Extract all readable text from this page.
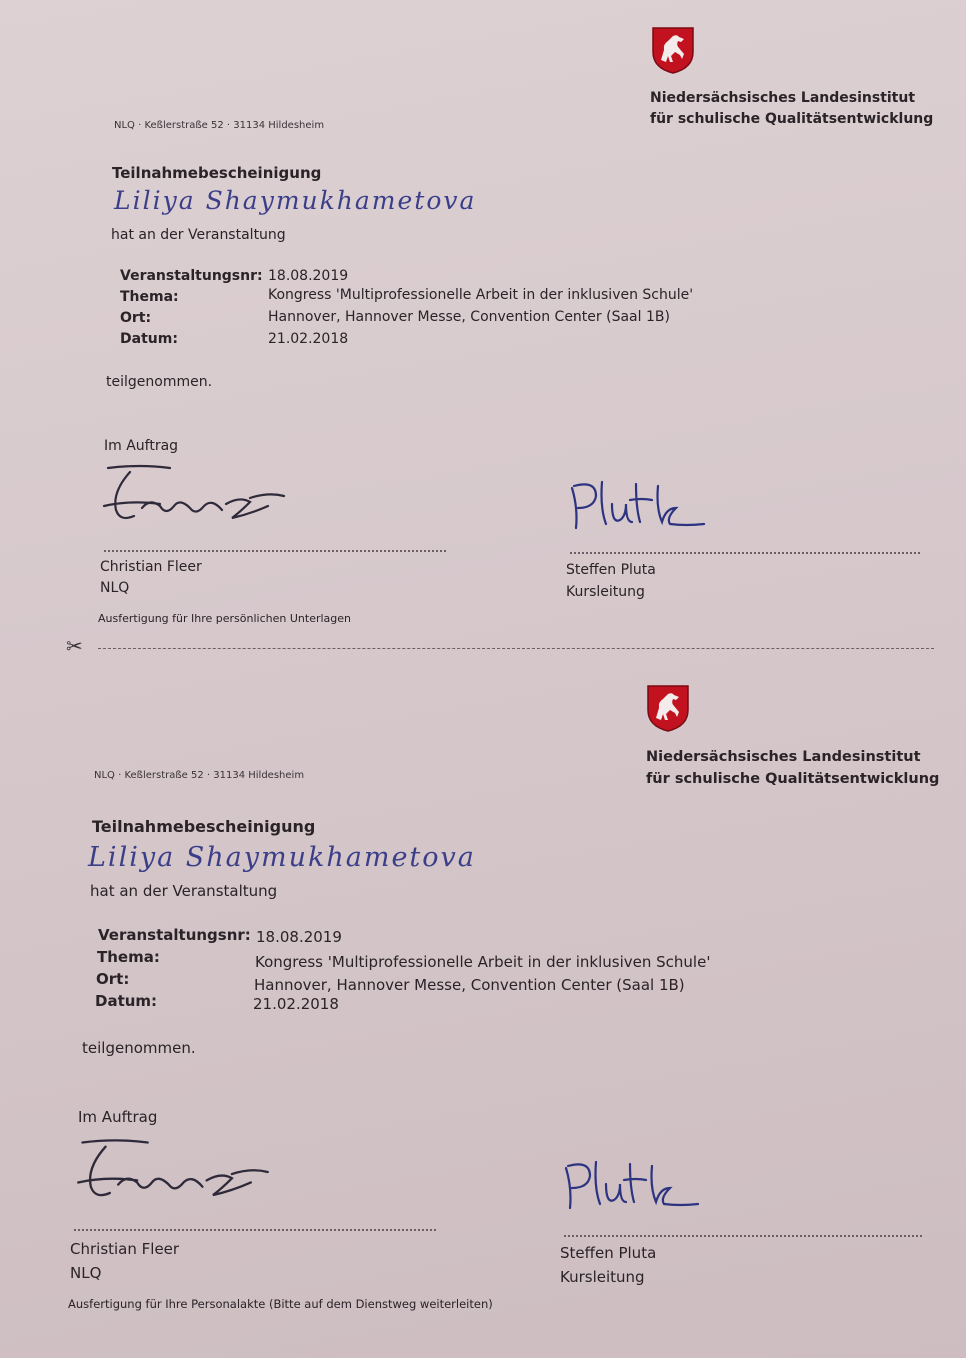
Niedersächsisches Landesinstitut
für schulische Qualitätsentwicklung
NLQ · Keßlerstraße 52 · 31134 Hildesheim
Teilnahmebescheinigung
Liliya Shaymukhametova
hat an der Veranstaltung
Veranstaltungsnr: 18.08.2019
Thema:	Kongress 'Multiprofessionelle Arbeit in der inklusiven Schule'
Ort:	Hannover, Hannover Messe, Convention Center (Saal 1B)
Datum:	21.02.2018
teilgenommen.
Im Auftrag
Christian Fleer
NLQ
Steffen Pluta
Kursleitung
Ausfertigung für Ihre persönlichen Unterlagen
✂
Niedersächsisches Landesinstitut
für schulische Qualitätsentwicklung
NLQ · Keßlerstraße 52 · 31134 Hildesheim
Teilnahmebescheinigung
Liliya Shaymukhametova
hat an der Veranstaltung
Veranstaltungsnr: 18.08.2019
Thema:	Kongress 'Multiprofessionelle Arbeit in der inklusiven Schule'
Ort:	Hannover, Hannover Messe, Convention Center (Saal 1B)
Datum:	21.02.2018
teilgenommen.
Im Auftrag
Christian Fleer
NLQ
Steffen Pluta
Kursleitung
Ausfertigung für Ihre Personalakte (Bitte auf dem Dienstweg weiterleiten)
